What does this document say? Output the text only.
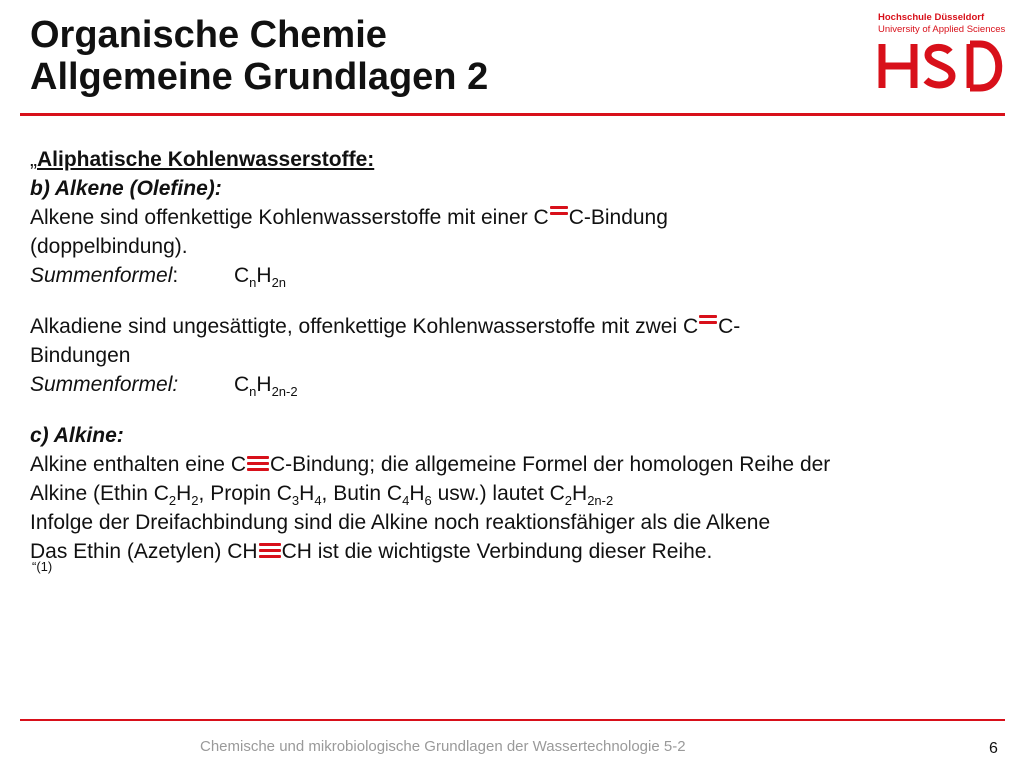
Organische Chemie
Allgemeine Grundlagen 2
Hochschule Düsseldorf
University of Applied Sciences
„Aliphatische Kohlenwasserstoffe:
b) Alkene (Olefine):
Alkene sind offenkettige Kohlenwasserstoffe mit einer C C-Bindung
(doppelbindung).
Summenformel:	$C_nH_{2n}$
Alkadiene sind ungesättigte, offenkettige Kohlenwasserstoffe mit zwei C C-
Bindungen
Summenformel:	$C_nH_{2n-2}$
c) Alkine:
Alkine enthalten eine C C-Bindung; die allgemeine Formel der homologen Reihe der
Alkine (Ethin $C_2H_2$, Propin $C_3H_4$, Butin $C_4H_6$ usw.) lautet $C_2H_{2n-2}$
Infolge der Dreifachbindung sind die Alkine noch reaktionsfähiger als die Alkene
Das Ethin (Azetylen) CH CH ist die wichtigste Verbindung dieser Reihe.
“(1)
Chemische und mikrobiologische Grundlagen der Wassertechnologie 5-2	6
